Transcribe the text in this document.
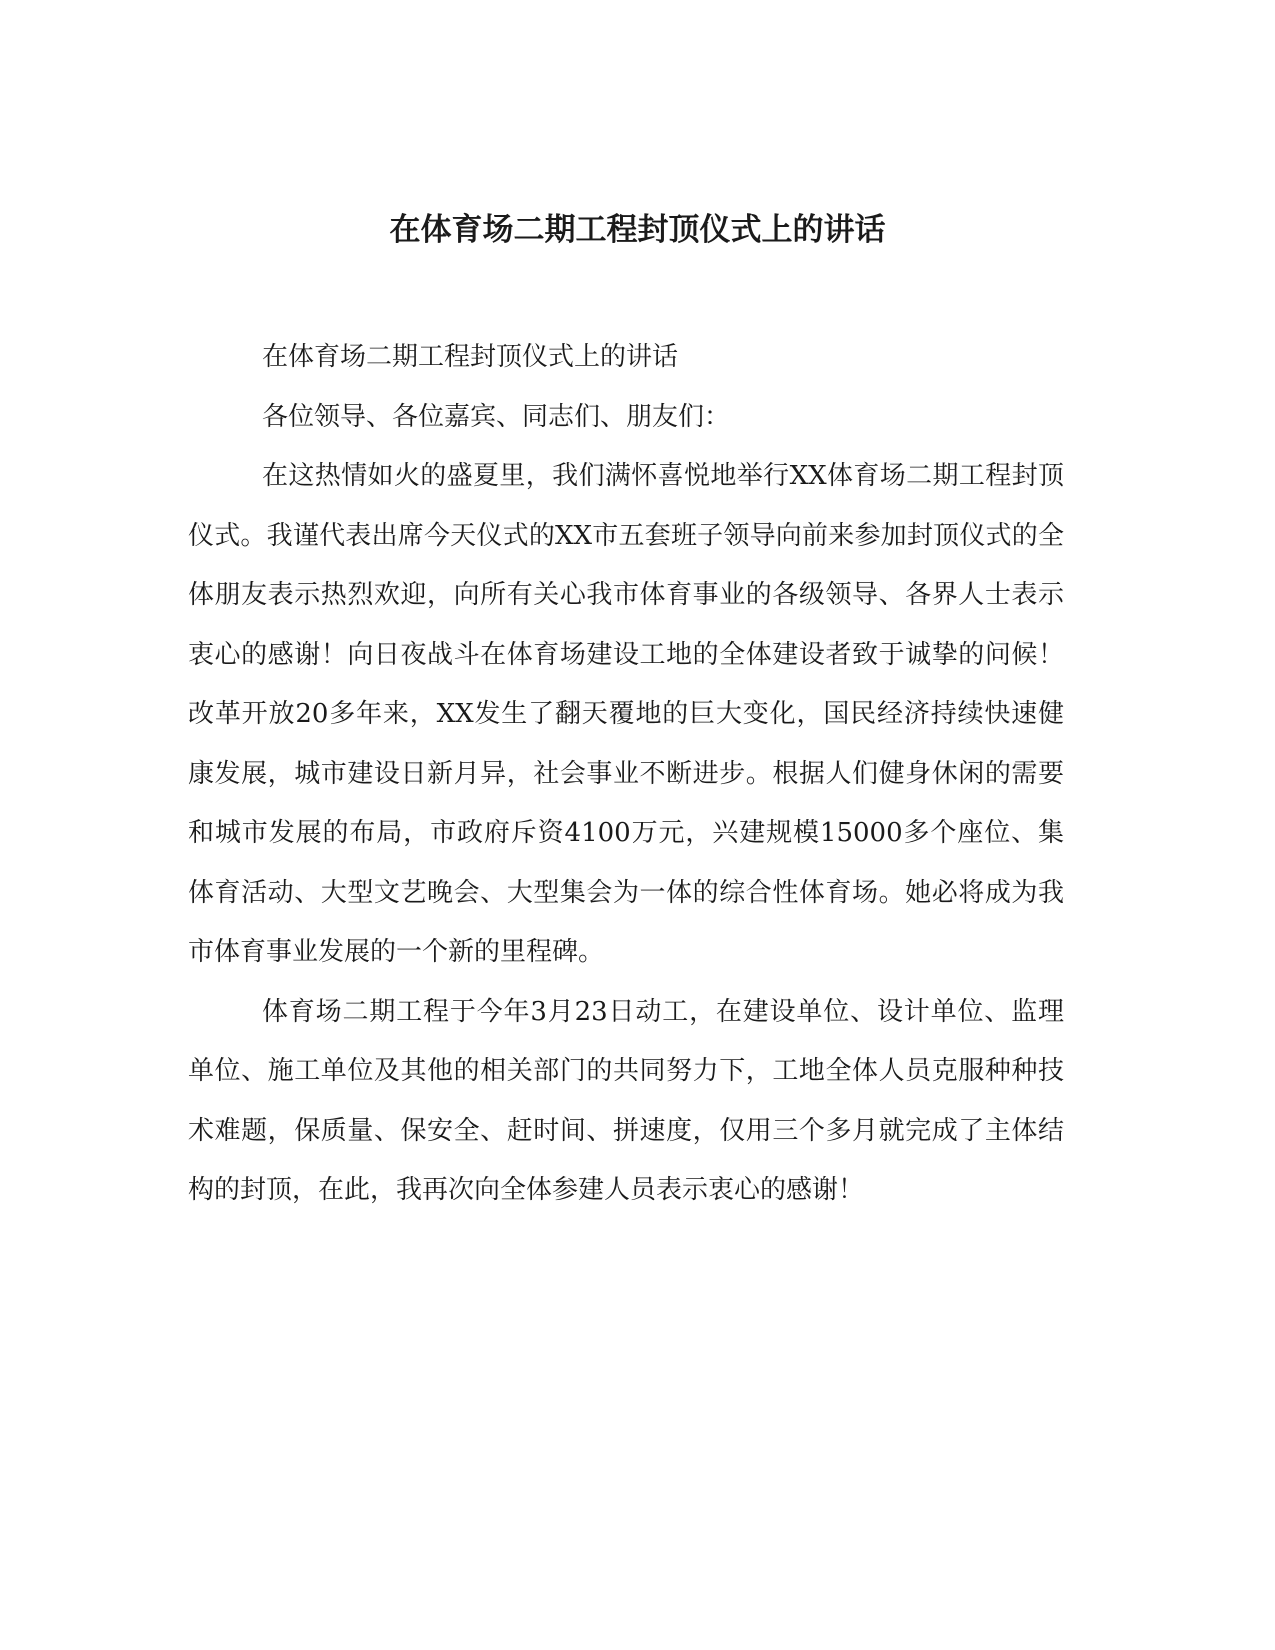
在体育场二期工程封顶仪式上的讲话

在体育场二期工程封顶仪式上的讲话

各位领导、各位嘉宾、同志们、朋友们：

在这热情如火的盛夏里，我们满怀喜悦地举行XX体育场二期工程封顶仪式。我谨代表出席今天仪式的XX市五套班子领导向前来参加封顶仪式的全体朋友表示热烈欢迎，向所有关心我市体育事业的各级领导、各界人士表示衷心的感谢！向日夜战斗在体育场建设工地的全体建设者致于诚挚的问候！改革开放20多年来，XX发生了翻天覆地的巨大变化，国民经济持续快速健康发展，城市建设日新月异，社会事业不断进步。根据人们健身休闲的需要和城市发展的布局，市政府斥资4100万元，兴建规模15000多个座位、集体育活动、大型文艺晚会、大型集会为一体的综合性体育场。她必将成为我市体育事业发展的一个新的里程碑。

体育场二期工程于今年3月23日动工，在建设单位、设计单位、监理单位、施工单位及其他的相关部门的共同努力下，工地全体人员克服种种技术难题，保质量、保安全、赶时间、拼速度，仅用三个多月就完成了主体结构的封顶，在此，我再次向全体参建人员表示衷心的感谢！
